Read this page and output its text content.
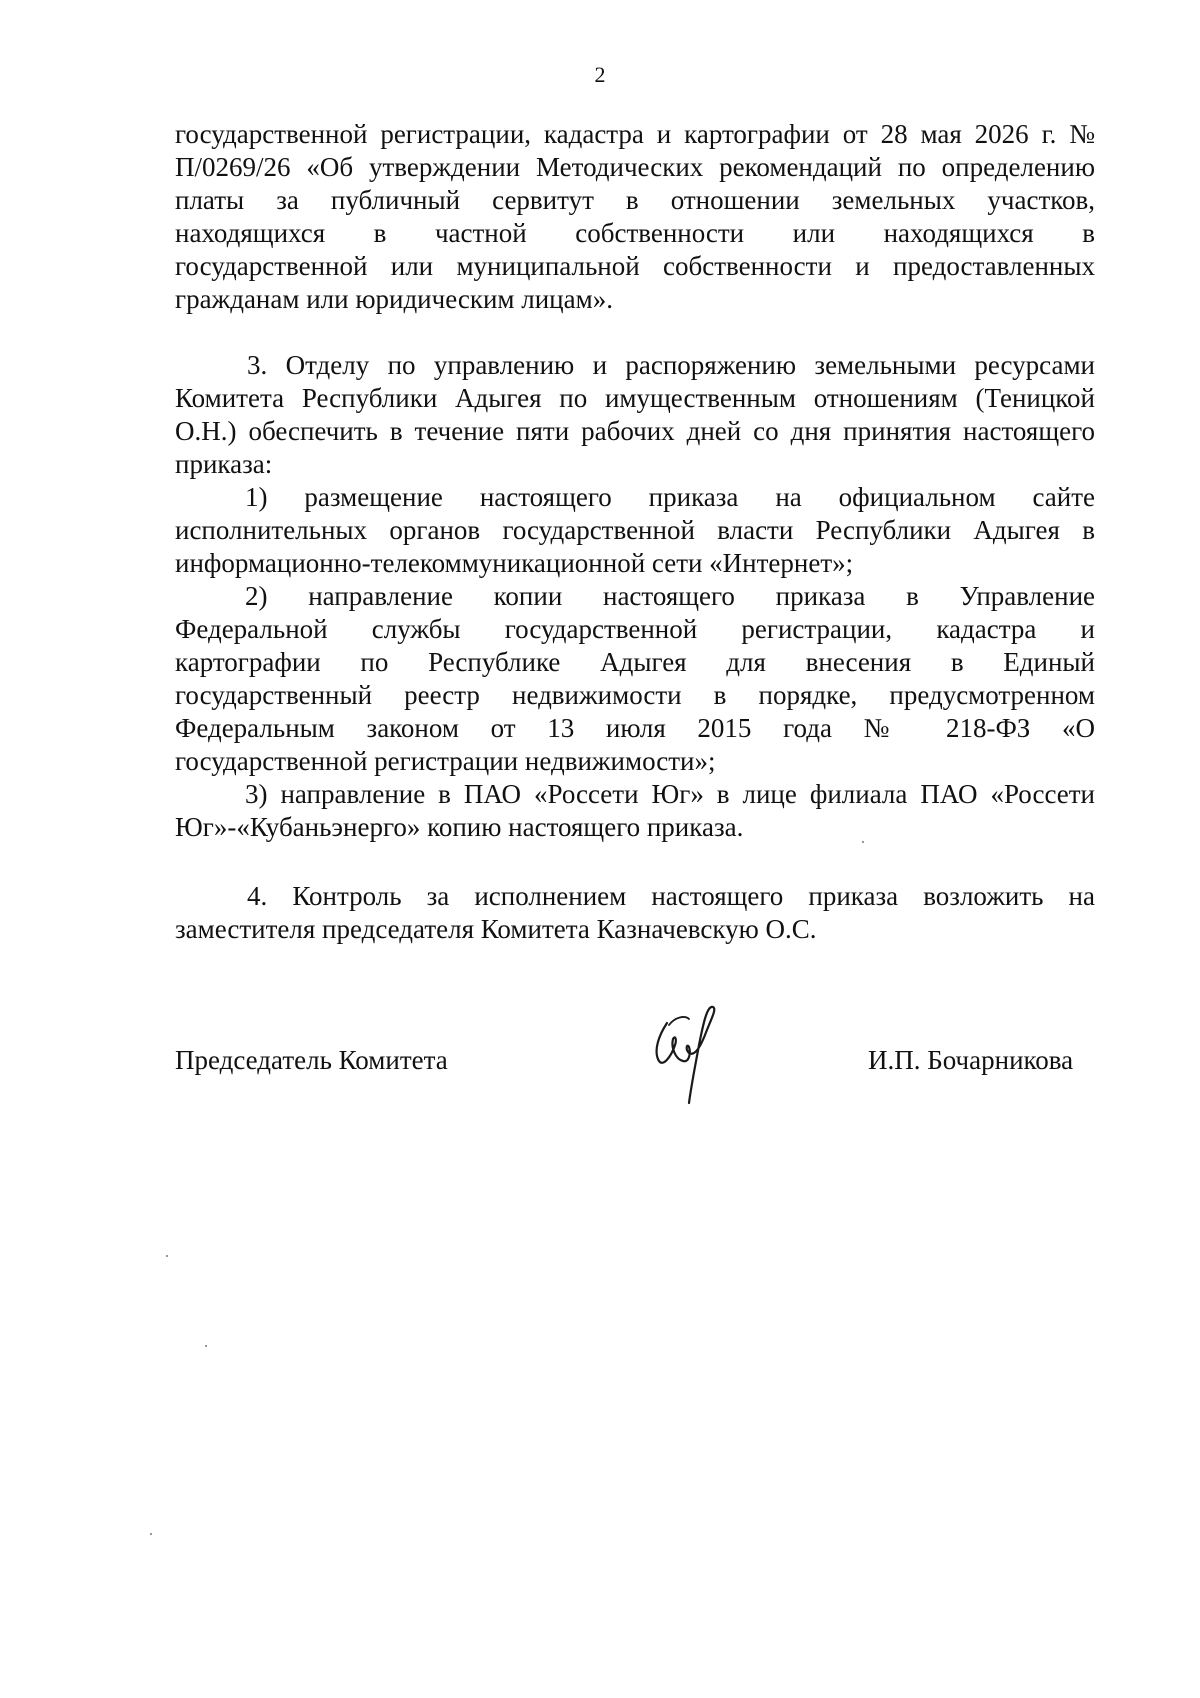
2
государственной регистрации, кадастра и картографии от 28 мая 2026 г. №
П/0269/26 «Об утверждении Методических рекомендаций по определению
платы за публичный сервитут в отношении земельных участков,
находящихся в частной собственности или находящихся в
государственной или муниципальной собственности и предоставленных
гражданам или юридическим лицам».
3. Отделу по управлению и распоряжению земельными ресурсами
Комитета Республики Адыгея по имущественным отношениям (Теницкой
О.Н.) обеспечить в течение пяти рабочих дней со дня принятия настоящего
приказа:
1) размещение настоящего приказа на официальном сайте
исполнительных органов государственной власти Республики Адыгея в
информационно-телекоммуникационной сети «Интернет»;
2) направление копии настоящего приказа в Управление
Федеральной службы государственной регистрации, кадастра и
картографии по Республике Адыгея для внесения в Единый
государственный реестр недвижимости в порядке, предусмотренном
Федеральным законом от 13 июля 2015 года № 218-ФЗ «О
государственной регистрации недвижимости»;
3) направление в ПАО «Россети Юг» в лице филиала ПАО «Россети
Юг»-«Кубаньэнерго» копию настоящего приказа.
4. Контроль за исполнением настоящего приказа возложить на
заместителя председателя Комитета Казначевскую О.С.
Председатель Комитета	И.П. Бочарникова
